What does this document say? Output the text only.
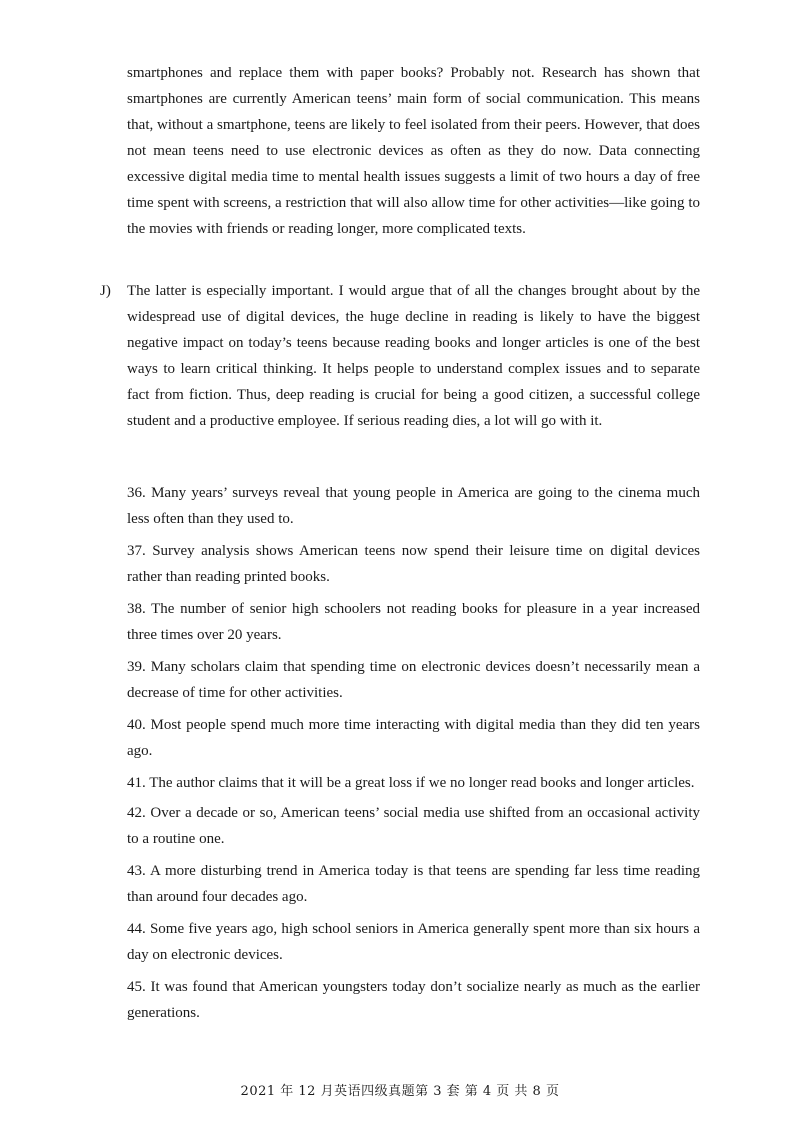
smartphones and replace them with paper books? Probably not. Research has shown that smartphones are currently American teens’ main form of social communication. This means that, without a smartphone, teens are likely to feel isolated from their peers. However, that does not mean teens need to use electronic devices as often as they do now. Data connecting excessive digital media time to mental health issues suggests a limit of two hours a day of free time spent with screens, a restriction that will also allow time for other activities—like going to the movies with friends or reading longer, more complicated texts.

J) The latter is especially important. I would argue that of all the changes brought about by the widespread use of digital devices, the huge decline in reading is likely to have the biggest negative impact on today’s teens because reading books and longer articles is one of the best ways to learn critical thinking. It helps people to understand complex issues and to separate fact from fiction. Thus, deep reading is crucial for being a good citizen, a successful college student and a productive employee. If serious reading dies, a lot will go with it.

36. Many years’ surveys reveal that young people in America are going to the cinema much less often than they used to.

37. Survey analysis shows American teens now spend their leisure time on digital devices rather than reading printed books.

38. The number of senior high schoolers not reading books for pleasure in a year increased three times over 20 years.

39. Many scholars claim that spending time on electronic devices doesn’t necessarily mean a decrease of time for other activities.

40. Most people spend much more time interacting with digital media than they did ten years ago.

41. The author claims that it will be a great loss if we no longer read books and longer articles.

42. Over a decade or so, American teens’ social media use shifted from an occasional activity to a routine one.

43. A more disturbing trend in America today is that teens are spending far less time reading than around four decades ago.

44. Some five years ago, high school seniors in America generally spent more than six hours a day on electronic devices.

45. It was found that American youngsters today don’t socialize nearly as much as the earlier generations.

2021 年 12 月英语四级真题第 3 套 第 4 页 共 8 页
